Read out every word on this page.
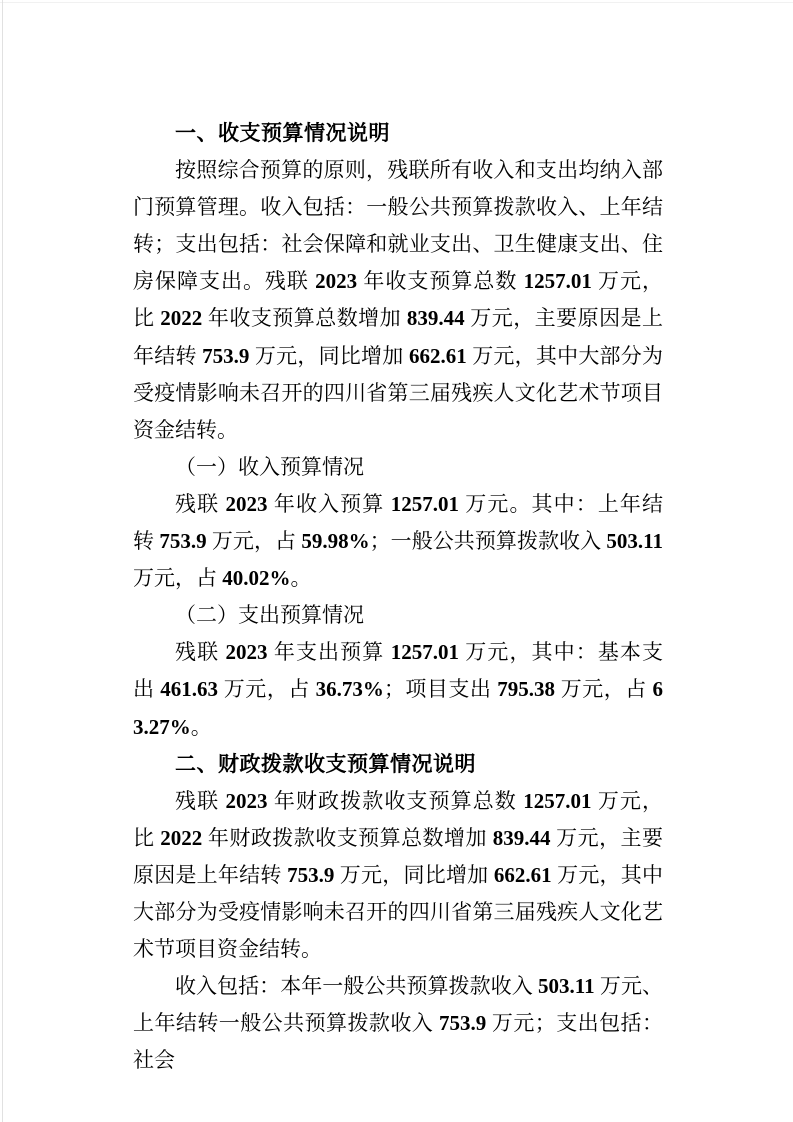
一、收支预算情况说明
按照综合预算的原则，残联所有收入和支出均纳入部门预算管理。收入包括：一般公共预算拨款收入、上年结转；支出包括：社会保障和就业支出、卫生健康支出、住房保障支出。残联 2023 年收支预算总数 1257.01 万元，比 2022 年收支预算总数增加 839.44 万元，主要原因是上年结转 753.9 万元，同比增加 662.61 万元，其中大部分为受疫情影响未召开的四川省第三届残疾人文化艺术节项目资金结转。
（一）收入预算情况
残联 2023 年收入预算 1257.01 万元。其中：上年结转 753.9 万元，占 59.98%；一般公共预算拨款收入 503.11 万元，占 40.02%。
（二）支出预算情况
残联 2023 年支出预算 1257.01 万元，其中：基本支出 461.63 万元，占 36.73%；项目支出 795.38 万元，占 63.27%。
二、财政拨款收支预算情况说明
残联 2023 年财政拨款收支预算总数 1257.01 万元，比 2022 年财政拨款收支预算总数增加 839.44 万元，主要原因是上年结转 753.9 万元，同比增加 662.61 万元，其中大部分为受疫情影响未召开的四川省第三届残疾人文化艺术节项目资金结转。
收入包括：本年一般公共预算拨款收入 503.11 万元、上年结转一般公共预算拨款收入 753.9 万元；支出包括：社会
